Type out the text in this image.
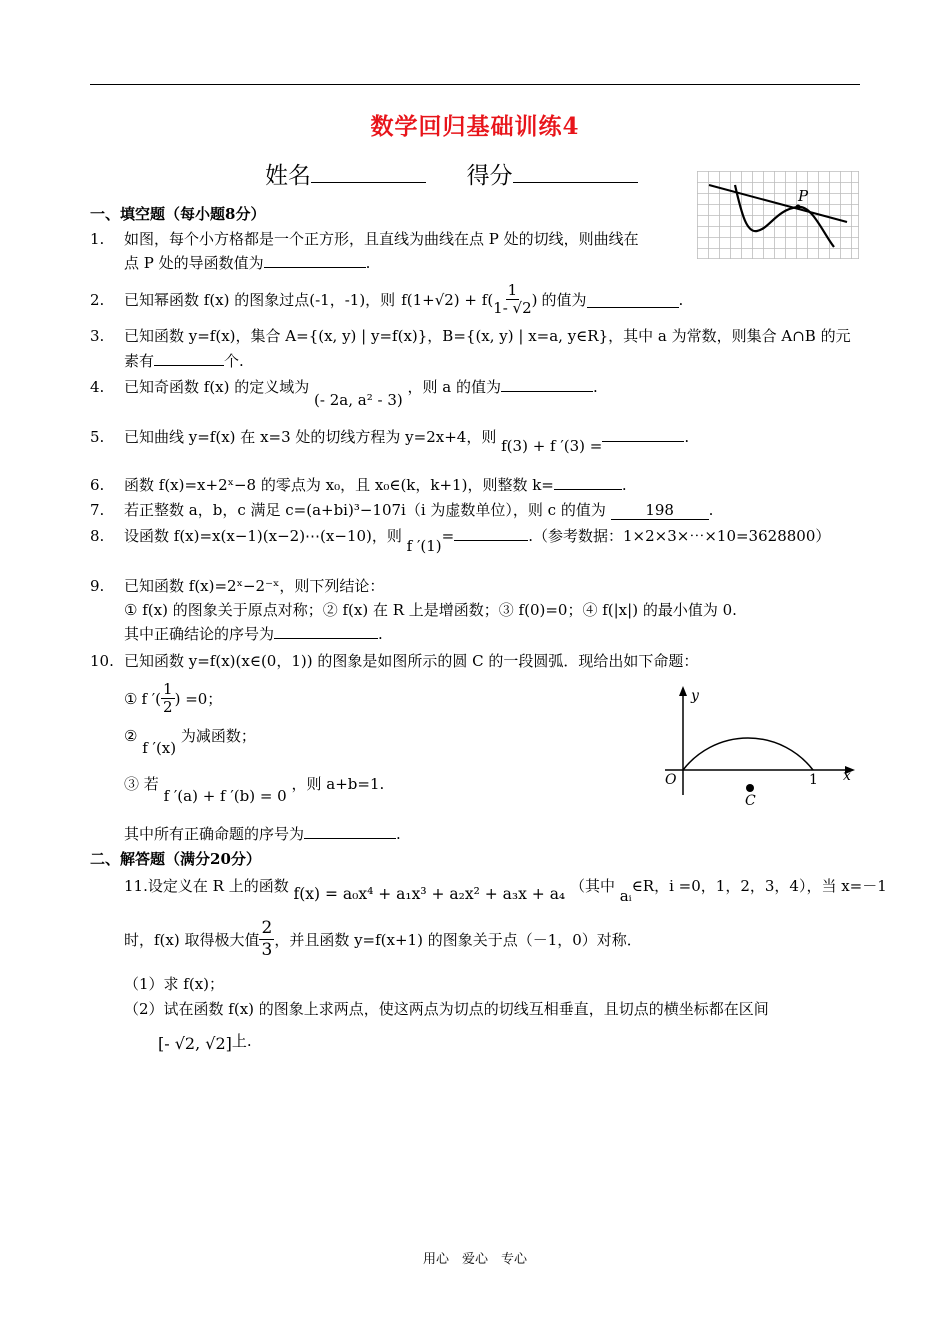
数学回归基础训练4
姓名	得分
P
一、填空题（每小题8分）
1. 如图，每个小方格都是一个正方形，且直线为曲线在点 P 处的切线，则曲线在
点 P 处的导函数值为	.
2.	已知幂函数 f(x) 的图象过点(-1，-1)，则 $f(1+√2) + f( \frac{1}{1- √2}$ ) 的值为	.
3. 已知函数 y=f(x)，集合 A={(x, y) | y=f(x)}，B={(x, y) | x=a, y∈R}，其中 a 为常数，则集合 A∩B 的元
素有	个.
4. 已知奇函数 f(x) 的定义域为 (- 2a, a² - 3) ，则 a 的值为	.
5. 已知曲线 y=f(x) 在 x=3 处的切线方程为 y=2x+4，则 f(3) + f ′(3) =	.
6. 函数 f(x)=x+2ˣ−8 的零点为 x₀，且 x₀∈(k，k+1)，则整数 k=	.
7. 若正整数 a，b，c 满足 c=(a+bi)³−107i（i 为虚数单位），则 c 的值为	198 .
8. 设函数 f(x)=x(x−1)(x−2)⋯(x−10)，则 f ′(1)=	.（参考数据：1×2×3×⋯×10=3628800）
9. 已知函数 f(x)=2ˣ−2⁻ˣ，则下列结论：
① f(x) 的图象关于原点对称；② f(x) 在 R 上是增函数；③ f(0)=0；④ f(|x|) 的最小值为 0.
其中正确结论的序号为	.
10. 已知函数 y=f(x)(x∈(0，1)) 的图象是如图所示的圆 C 的一段圆弧．现给出如下命题：
① f ′( $\frac{1}{2}$ ) =0；
② f ′(x) 为减函数；
③ 若 f ′(a) + f ′(b) = 0 ，则 a+b=1.
其中所有正确命题的序号为	.
y
x
O	1
C
二、解答题（满分20分）
11.设定义在 R 上的函数 f(x) = a₀x⁴ + a₁x³ + a₂x² + a₃x + a₄ （其中 aᵢ∈R，i =0，1，2，3，4），当 x=－1
时，f(x) 取得极大值 $\frac{2}{3}$ ，并且函数 y=f(x+1) 的图象关于点（－1，0）对称．
（1）求 f(x)；
（2）试在函数 f(x) 的图象上求两点，使这两点为切点的切线互相垂直，且切点的横坐标都在区间
[- √2, √2]上.
用心　爱心　专心
